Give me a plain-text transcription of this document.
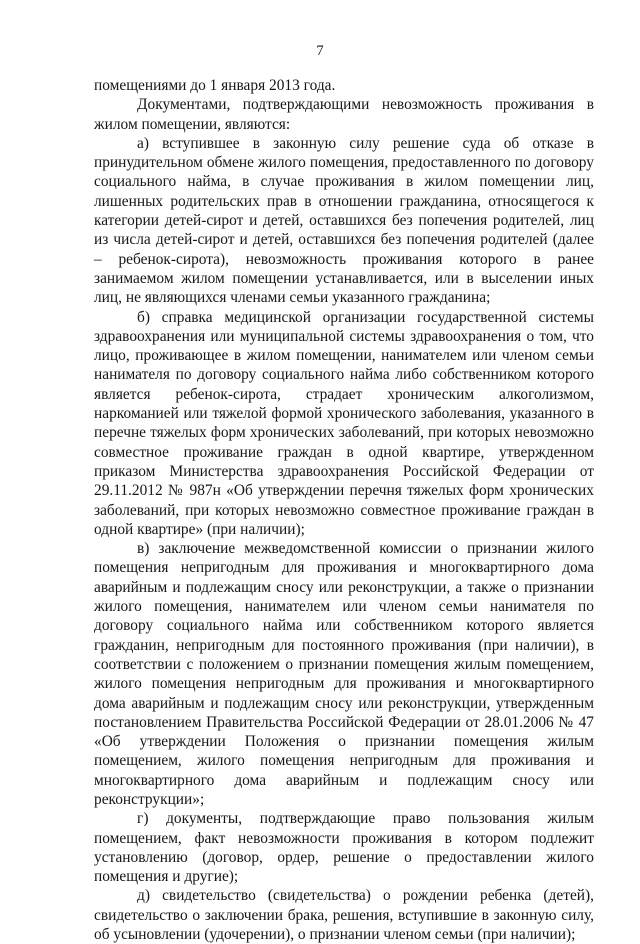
7

помещениями до 1 января 2013 года.

Документами, подтверждающими невозможность проживания в жилом помещении, являются:

а) вступившее в законную силу решение суда об отказе в принудительном обмене жилого помещения, предоставленного по договору социального найма, в случае проживания в жилом помещении лиц, лишенных родительских прав в отношении гражданина, относящегося к категории детей-сирот и детей, оставшихся без попечения родителей, лиц из числа детей-сирот и детей, оставшихся без попечения родителей (далее – ребенок-сирота), невозможность проживания которого в ранее занимаемом жилом помещении устанавливается, или в выселении иных лиц, не являющихся членами семьи указанного гражданина;

б) справка медицинской организации государственной системы здравоохранения или муниципальной системы здравоохранения о том, что лицо, проживающее в жилом помещении, нанимателем или членом семьи нанимателя по договору социального найма либо собственником которого является ребенок-сирота, страдает хроническим алкоголизмом, наркоманией или тяжелой формой хронического заболевания, указанного в перечне тяжелых форм хронических заболеваний, при которых невозможно совместное проживание граждан в одной квартире, утвержденном приказом Министерства здравоохранения Российской Федерации от 29.11.2012 № 987н «Об утверждении перечня тяжелых форм хронических заболеваний, при которых невозможно совместное проживание граждан в одной квартире» (при наличии);

в) заключение межведомственной комиссии о признании жилого помещения непригодным для проживания и многоквартирного дома аварийным и подлежащим сносу или реконструкции, а также о признании жилого помещения, нанимателем или членом семьи нанимателя по договору социального найма или собственником которого является гражданин, непригодным для постоянного проживания (при наличии), в соответствии с положением о признании помещения жилым помещением, жилого помещения непригодным для проживания и многоквартирного дома аварийным и подлежащим сносу или реконструкции, утвержденным постановлением Правительства Российской Федерации от 28.01.2006 № 47 «Об утверждении Положения о признании помещения жилым помещением, жилого помещения непригодным для проживания и многоквартирного дома аварийным и подлежащим сносу или реконструкции»;

г) документы, подтверждающие право пользования жилым помещением, факт невозможности проживания в котором подлежит установлению (договор, ордер, решение о предоставлении жилого помещения и другие);

д) свидетельство (свидетельства) о рождении ребенка (детей), свидетельство о заключении брака, решения, вступившие в законную силу, об усыновлении (удочерении), о признании членом семьи (при наличии);
